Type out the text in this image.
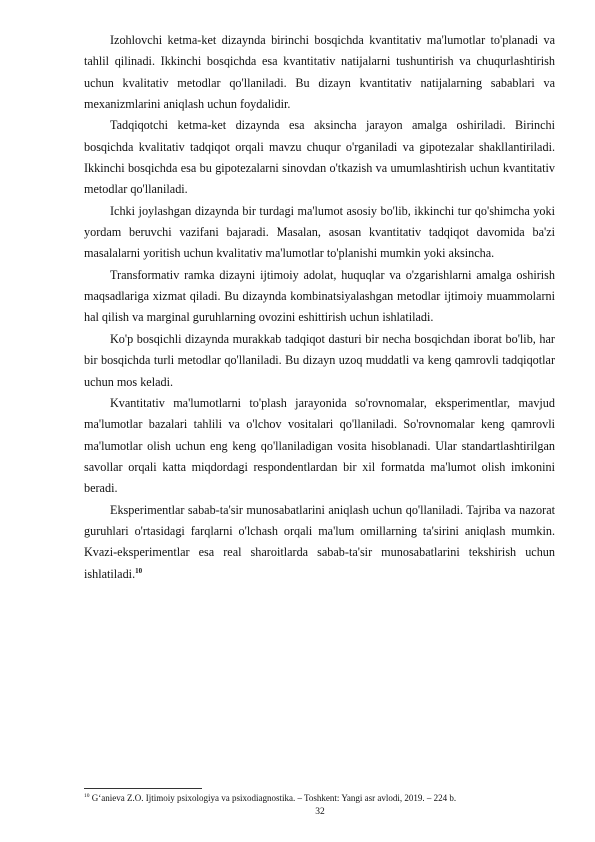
Izohlovchi ketma-ket dizaynda birinchi bosqichda kvantitativ ma'lumotlar to'planadi va tahlil qilinadi. Ikkinchi bosqichda esa kvantitativ natijalarni tushuntirish va chuqurlashtirish uchun kvalitativ metodlar qo'llaniladi. Bu dizayn kvantitativ natijalarning sabablari va mexanizmlarini aniqlash uchun foydalidir.

Tadqiqotchi ketma-ket dizaynda esa aksincha jarayon amalga oshiriladi. Birinchi bosqichda kvalitativ tadqiqot orqali mavzu chuqur o'rganiladi va gipotezalar shakllantiriladi. Ikkinchi bosqichda esa bu gipotezalarni sinovdan o'tkazish va umumlashtirish uchun kvantitativ metodlar qo'llaniladi.

Ichki joylashgan dizaynda bir turdagi ma'lumot asosiy bo'lib, ikkinchi tur qo'shimcha yoki yordam beruvchi vazifani bajaradi. Masalan, asosan kvantitativ tadqiqot davomida ba'zi masalalarni yoritish uchun kvalitativ ma'lumotlar to'planishi mumkin yoki aksincha.

Transformativ ramka dizayni ijtimoiy adolat, huquqlar va o'zgarishlarni amalga oshirish maqsadlariga xizmat qiladi. Bu dizaynda kombinatsiyalashgan metodlar ijtimoiy muammolarni hal qilish va marginal guruhlarning ovozini eshittirish uchun ishlatiladi.

Ko'p bosqichli dizaynda murakkab tadqiqot dasturi bir necha bosqichdan iborat bo'lib, har bir bosqichda turli metodlar qo'llaniladi. Bu dizayn uzoq muddatli va keng qamrovli tadqiqotlar uchun mos keladi.

Kvantitativ ma'lumotlarni to'plash jarayonida so'rovnomalar, eksperimentlar, mavjud ma'lumotlar bazalari tahlili va o'lchov vositalari qo'llaniladi. So'rovnomalar keng qamrovli ma'lumotlar olish uchun eng keng qo'llaniladigan vosita hisoblanadi. Ular standartlashtirilgan savollar orqali katta miqdordagi respondentlardan bir xil formatda ma'lumot olish imkonini beradi.

Eksperimentlar sabab-ta'sir munosabatlarini aniqlash uchun qo'llaniladi. Tajriba va nazorat guruhlari o'rtasidagi farqlarni o'lchash orqali ma'lum omillarning ta'sirini aniqlash mumkin. Kvazi-eksperimentlar esa real sharoitlarda sabab-ta'sir munosabatlarini tekshirish uchun ishlatiladi.$^{10}$

$^{10}$ G‘anieva Z.O. Ijtimoiy psixologiya va psixodiagnostika. – Toshkent: Yangi asr avlodi, 2019. – 224 b.
32
